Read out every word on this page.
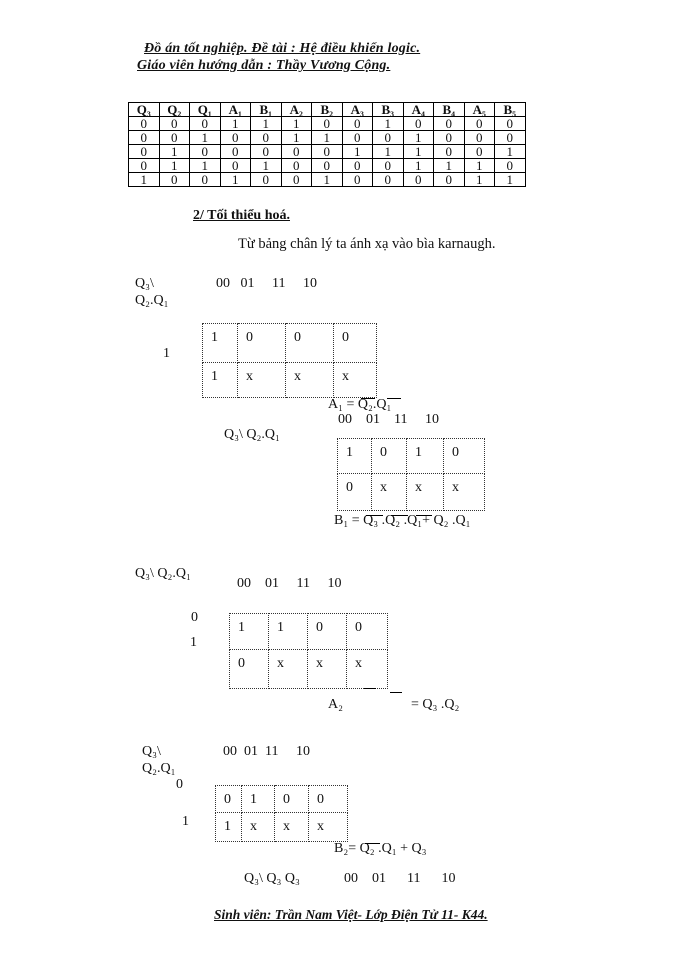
Đồ án tốt nghiệp. Đề tài : Hệ điều khiển logic.
Giáo viên hướng dẫn : Thầy Vương Cộng.
Q₃	Q₂	Q₁	A₁	B₁	A₂	B₂	A₃	B₃	A₄	B₄	A₅	B₅
0	0	0	1	1	1	0	0	1	0	0	0	0
0	0	1	0	0	1	1	0	0	1	0	0	0
0	1	0	0	0	0	0	1	1	1	0	0	1
0	1	1	0	1	0	0	0	0	1	1	1	0
1	0	0	1	0	0	1	0	0	0	0	1	1
2/ Tối thiểu hoá.
Từ bảng chân lý ta ánh xạ vào bìa karnaugh.
Q₃\
Q₂.Q₁
00   01     11     10
1
1	0	0	0
1	x	x	x
A₁ = Q₂.Q₁
Q₃\ Q₂.Q₁
00    01    11     10
1	0	1	0
0	x	x	x
B₁ = Q₃ .Q₂ .Q₁+ Q₂ .Q₁
Q₃\ Q₂.Q₁
00    01     11     10
0
1
1	1	0	0
0	x	x	x
A₂	= Q₃ .Q₂
Q₃\
Q₂.Q₁
00  01  11     10
0
1
0	1	0	0
1	x	x	x
B₂= Q₂ .Q₁ + Q₃
Q₃\ Q₃ Q₃	00    01      11      10
Sinh viên: Trần Nam Việt- Lớp Điện Tử 11- K44.
